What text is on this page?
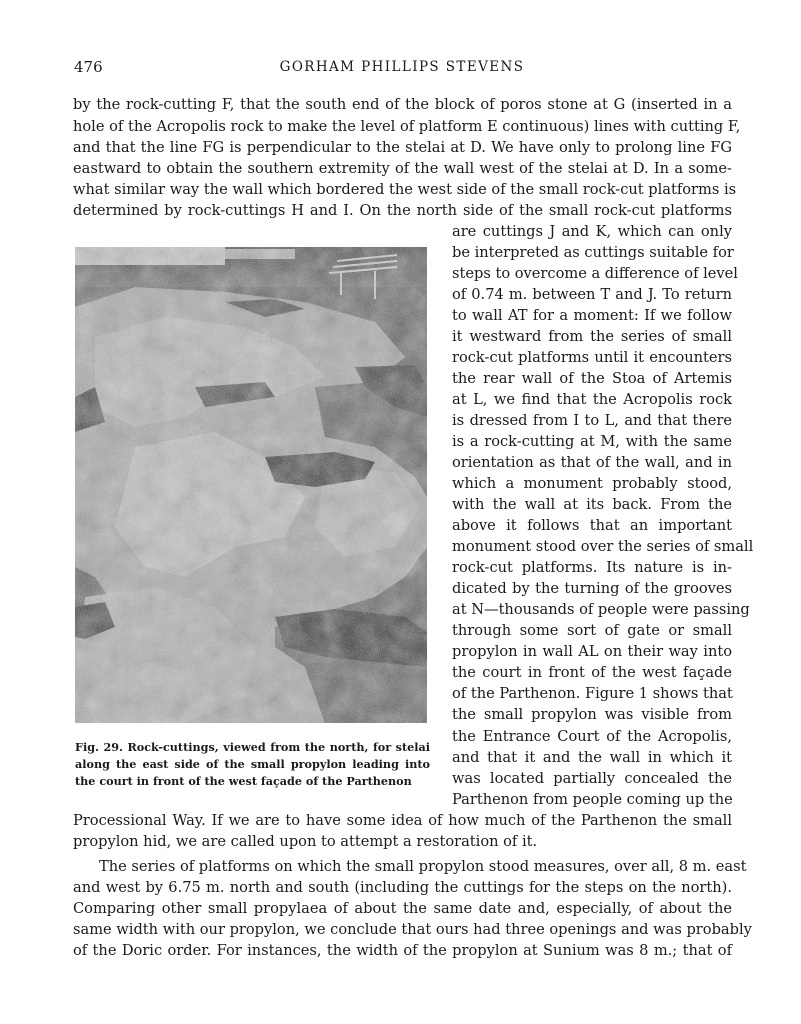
476	GORHAM PHILLIPS STEVENS
by the rock-cutting F, that the south end of the block of poros stone at G (inserted in a
hole of the Acropolis rock to make the level of platform E continuous) lines with cutting F,
and that the line FG is perpendicular to the stelai at D. We have only to prolong line FG
eastward to obtain the southern extremity of the wall west of the stelai at D. In a some-
what similar way the wall which bordered the west side of the small rock-cut platforms is
determined by rock-cuttings H and I. On the north side of the small rock-cut platforms
are cuttings J and K, which can only
be interpreted as cuttings suitable for
steps to overcome a difference of level
of 0.74 m. between T and J. To return
to wall AT for a moment: If we follow
it westward from the series of small
rock-cut platforms until it encounters
the rear wall of the Stoa of Artemis
at L, we find that the Acropolis rock
is dressed from I to L, and that there
is a rock-cutting at M, with the same
orientation as that of the wall, and in
which a monument probably stood,
with the wall at its back. From the
above it follows that an important
monument stood over the series of small
rock-cut platforms. Its nature is in-
dicated by the turning of the grooves
at N—thousands of people were passing
through some sort of gate or small
propylon in wall AL on their way into
the court in front of the west façade
of the Parthenon. Figure 1 shows that
the small propylon was visible from
the Entrance Court of the Acropolis,
and that it and the wall in which it
was located partially concealed the
Parthenon from people coming up the
Processional Way. If we are to have some idea of how much of the Parthenon the small
propylon hid, we are called upon to attempt a restoration of it.
The series of platforms on which the small propylon stood measures, over all, 8 m. east
and west by 6.75 m. north and south (including the cuttings for the steps on the north).
Comparing other small propylaea of about the same date and, especially, of about the
same width with our propylon, we conclude that ours had three openings and was probably
of the Doric order. For instances, the width of the propylon at Sunium was 8 m.; that of
Fig. 29. Rock-cuttings, viewed from the north, for stelai
along the east side of the small propylon leading into
the court in front of the west façade of the Parthenon
